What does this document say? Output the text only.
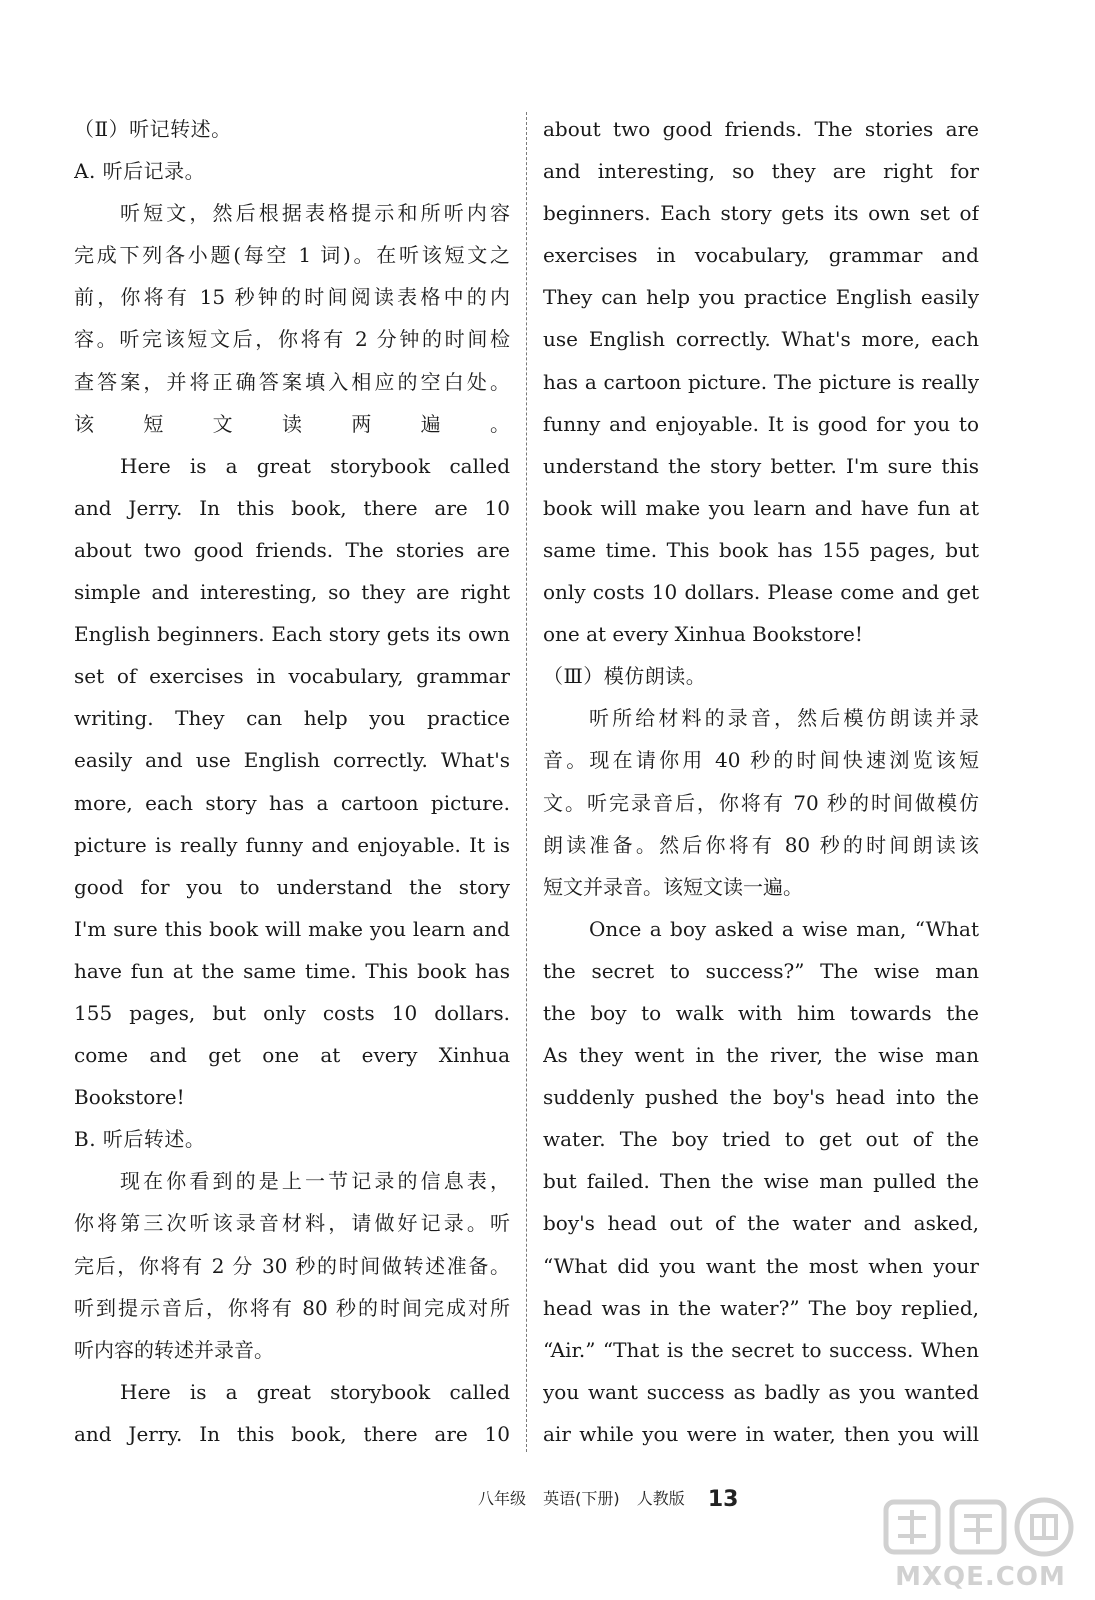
（Ⅱ）听记转述。
A. 听后记录。
听短文，然后根据表格提示和所听内容
完成下列各小题(每空 1 词)。在听该短文之
前，你将有 15 秒钟的时间阅读表格中的内
容。听完该短文后，你将有 2 分钟的时间检
查答案，并将正确答案填入相应的空白处。
该短文读两遍。
Here is a great storybook called
and Jerry. In this book, there are 10
about two good friends. The stories are
simple and interesting, so they are right
English beginners. Each story gets its own
set of exercises in vocabulary, grammar
writing. They can help you practice
easily and use English correctly. What's
more, each story has a cartoon picture.
picture is really funny and enjoyable. It is
good for you to understand the story
I'm sure this book will make you learn and
have fun at the same time. This book has
155 pages, but only costs 10 dollars.
come and get one at every Xinhua
Bookstore!
B. 听后转述。
现在你看到的是上一节记录的信息表，
你将第三次听该录音材料，请做好记录。听
完后，你将有 2 分 30 秒的时间做转述准备。
听到提示音后，你将有 80 秒的时间完成对所
听内容的转述并录音。
Here is a great storybook called
and Jerry. In this book, there are 10
about two good friends. The stories are
and interesting, so they are right for
beginners. Each story gets its own set of
exercises in vocabulary, grammar and
They can help you practice English easily
use English correctly. What's more, each
has a cartoon picture. The picture is really
funny and enjoyable. It is good for you to
understand the story better. I'm sure this
book will make you learn and have fun at
same time. This book has 155 pages, but
only costs 10 dollars. Please come and get
one at every Xinhua Bookstore!
（Ⅲ）模仿朗读。
听所给材料的录音，然后模仿朗读并录
音。现在请你用 40 秒的时间快速浏览该短
文。听完录音后，你将有 70 秒的时间做模仿
朗读准备。然后你将有 80 秒的时间朗读该
短文并录音。该短文读一遍。
Once a boy asked a wise man, “What
the secret to success?” The wise man
the boy to walk with him towards the
As they went in the river, the wise man
suddenly pushed the boy's head into the
water. The boy tried to get out of the
but failed. Then the wise man pulled the
boy's head out of the water and asked,
“What did you want the most when your
head was in the water?” The boy replied,
“Air.” “That is the secret to success. When
you want success as badly as you wanted
air while you were in water, then you will
八年级 英语(下册) 人教版 13
MXQE.COM
